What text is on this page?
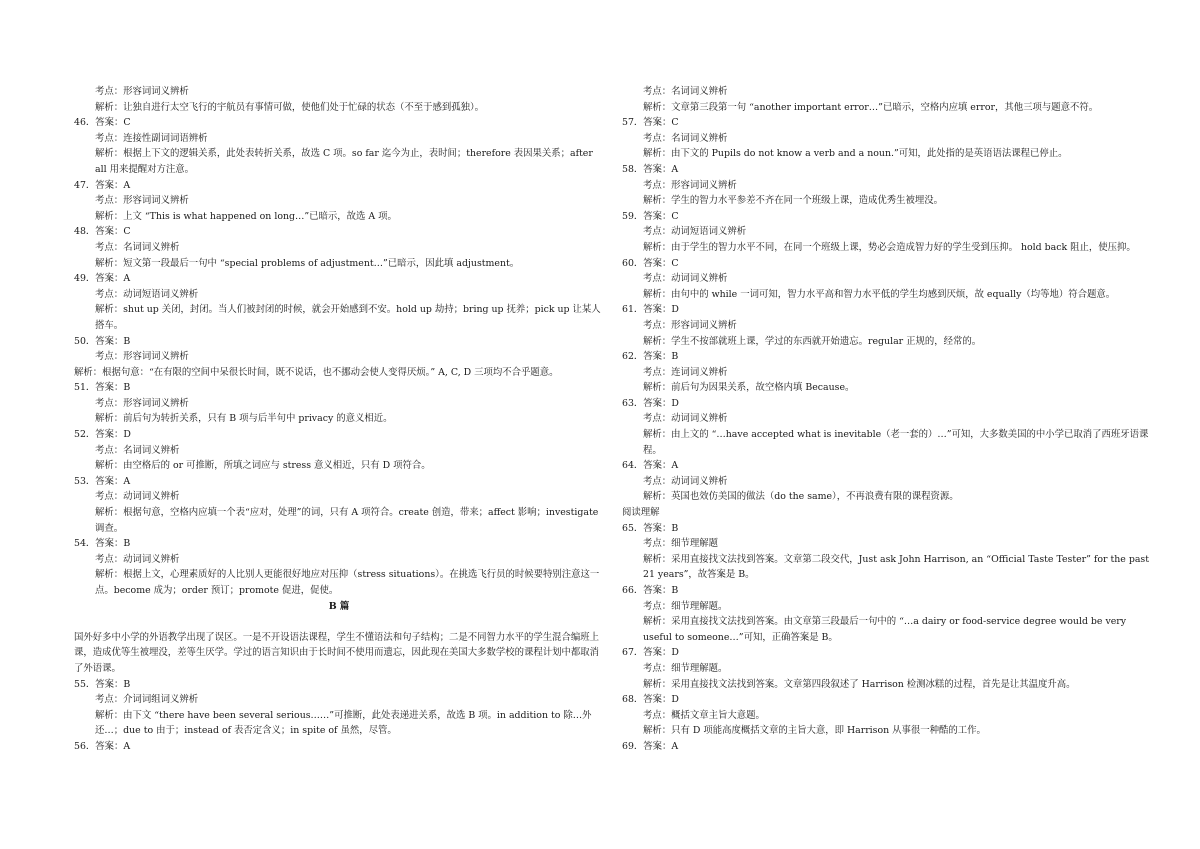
考点：形容词词义辨析
解析：让独自进行太空飞行的宇航员有事情可做，使他们处于忙碌的状态（不至于感到孤独）。
46．答案：C
考点：连接性副词词语辨析
解析：根据上下文的逻辑关系，此处表转折关系，故选 C 项。so far 迄今为止，表时间；therefore 表因果关系；after all 用来提醒对方注意。
47．答案：A
考点：形容词词义辨析
解析：上文 “This is what happened on long…”已暗示，故选 A 项。
48．答案：C
考点：名词词义辨析
解析：短文第一段最后一句中 “special problems of adjustment…”已暗示，因此填 adjustment。
49．答案：A
考点：动词短语词义辨析
解析：shut up 关闭，封闭。当人们被封闭的时候，就会开始感到不安。hold up 劫持；bring up 抚养；pick up 让某人搭车。
50．答案：B
考点：形容词词义辨析
解析：根据句意：“在有限的空间中呆很长时间，既不说话，也不挪动会使人变得厌烦。” A, C, D 三项均不合乎题意。
51．答案：B
考点：形容词词义辨析
解析：前后句为转折关系，只有 B 项与后半句中 privacy 的意义相近。
52．答案：D
考点：名词词义辨析
解析：由空格后的 or 可推断，所填之词应与 stress 意义相近，只有 D 项符合。
53．答案：A
考点：动词词义辨析
解析：根据句意，空格内应填一个表“应对，处理”的词，只有 A 项符合。create 创造，带来；affect 影响；investigate 调查。
54．答案：B
考点：动词词义辨析
解析：根据上文，心理素质好的人比别人更能很好地应对压抑（stress situations）。在挑选飞行员的时候要特别注意这一点。become 成为；order 预订；promote 促进，促使。
B 篇
国外好多中小学的外语教学出现了误区。一是不开设语法课程，学生不懂语法和句子结构；二是不同智力水平的学生混合编班上课，造成优等生被埋没，差等生厌学。学过的语言知识由于长时间不使用而遗忘，因此现在美国大多数学校的课程计划中都取消了外语课。
55．答案：B
考点：介词词组词义辨析
解析：由下文 “there have been several serious……”可推断，此处表递进关系，故选 B 项。in addition to 除…外还…；due to 由于；instead of 表否定含义；in spite of 虽然，尽管。
56．答案：A
考点：名词词义辨析
解析：文章第三段第一句 “another important error…”已暗示，空格内应填 error，其他三项与题意不符。
57．答案：C
考点：名词词义辨析
解析：由下文的 Pupils do not know a verb and a noun.”可知，此处指的是英语语法课程已停止。
58．答案：A
考点：形容词词义辨析
解析：学生的智力水平参差不齐在同一个班级上课，造成优秀生被埋没。
59．答案：C
考点：动词短语词义辨析
解析：由于学生的智力水平不同，在同一个班级上课，势必会造成智力好的学生受到压抑。 hold back 阻止，使压抑。
60．答案：C
考点：动词词义辨析
解析：由句中的 while 一词可知，智力水平高和智力水平低的学生均感到厌烦，故 equally（均等地）符合题意。
61．答案：D
考点：形容词词义辨析
解析：学生不按部就班上课，学过的东西就开始遗忘。regular 正规的，经常的。
62．答案：B
考点：连词词义辨析
解析：前后句为因果关系，故空格内填 Because。
63．答案：D
考点：动词词义辨析
解析：由上文的 “…have accepted what is inevitable（老一套的）…”可知，大多数美国的中小学已取消了西班牙语课程。
64．答案：A
考点：动词词义辨析
解析：英国也效仿美国的做法（do the same），不再浪费有限的课程资源。
阅读理解
65．答案：B
考点：细节理解题
解析：采用直接找文法找到答案。文章第二段交代，Just ask John Harrison, an “Official Taste Tester” for the past 21 years”，故答案是 B。
66．答案：B
考点：细节理解题。
解析：采用直接找文法找到答案。由文章第三段最后一句中的 “…a dairy or food-service degree would be very useful to someone…”可知，正确答案是 B。
67．答案：D
考点：细节理解题。
解析：采用直接找文法找到答案。文章第四段叙述了 Harrison 检测冰糕的过程，首先是让其温度升高。
68．答案：D
考点：概括文章主旨大意题。
解析：只有 D 项能高度概括文章的主旨大意，即 Harrison 从事很一种酷的工作。
69．答案：A
